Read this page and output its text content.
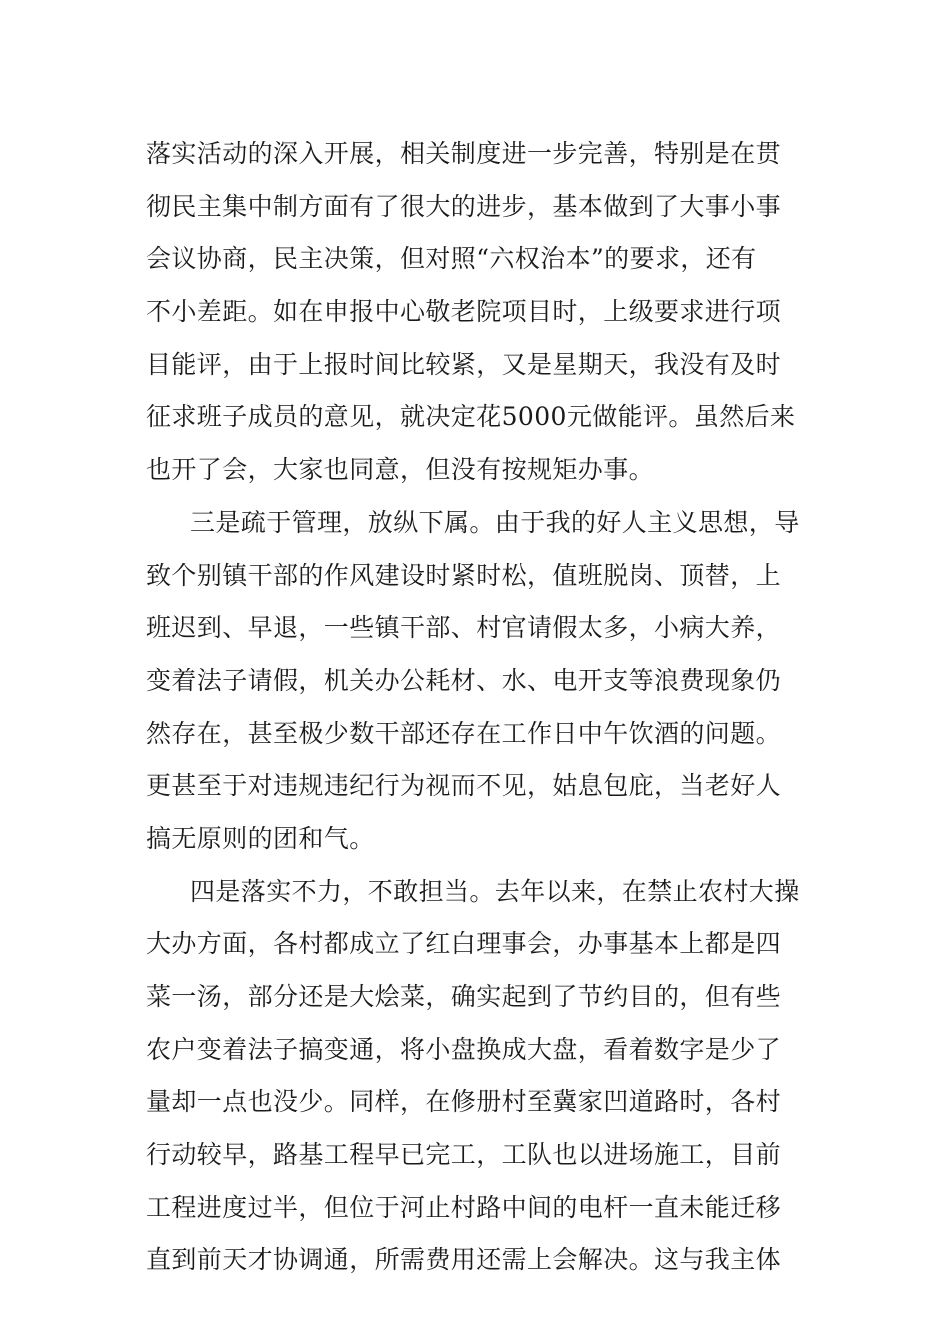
落实活动的深入开展，相关制度进一步完善，特别是在贯
彻民主集中制方面有了很大的进步，基本做到了大事小事
会议协商，民主决策，但对照“六权治本”的要求，还有
不小差距。如在申报中心敬老院项目时，上级要求进行项
目能评，由于上报时间比较紧，又是星期天，我没有及时
征求班子成员的意见，就决定花5000元做能评。虽然后来
也开了会，大家也同意，但没有按规矩办事。
三是疏于管理，放纵下属。由于我的好人主义思想，导
致个别镇干部的作风建设时紧时松，值班脱岗、顶替，上
班迟到、早退，一些镇干部、村官请假太多，小病大养，
变着法子请假，机关办公耗材、水、电开支等浪费现象仍
然存在，甚至极少数干部还存在工作日中午饮酒的问题。
更甚至于对违规违纪行为视而不见，姑息包庇，当老好人
搞无原则的团和气。
四是落实不力，不敢担当。去年以来，在禁止农村大操
大办方面，各村都成立了红白理事会，办事基本上都是四
菜一汤，部分还是大烩菜，确实起到了节约目的，但有些
农户变着法子搞变通，将小盘换成大盘，看着数字是少了
量却一点也没少。同样，在修册村至冀家凹道路时，各村
行动较早，路基工程早已完工，工队也以进场施工，目前
工程进度过半，但位于河止村路中间的电杆一直未能迁移
直到前天才协调通，所需费用还需上会解决。这与我主体
